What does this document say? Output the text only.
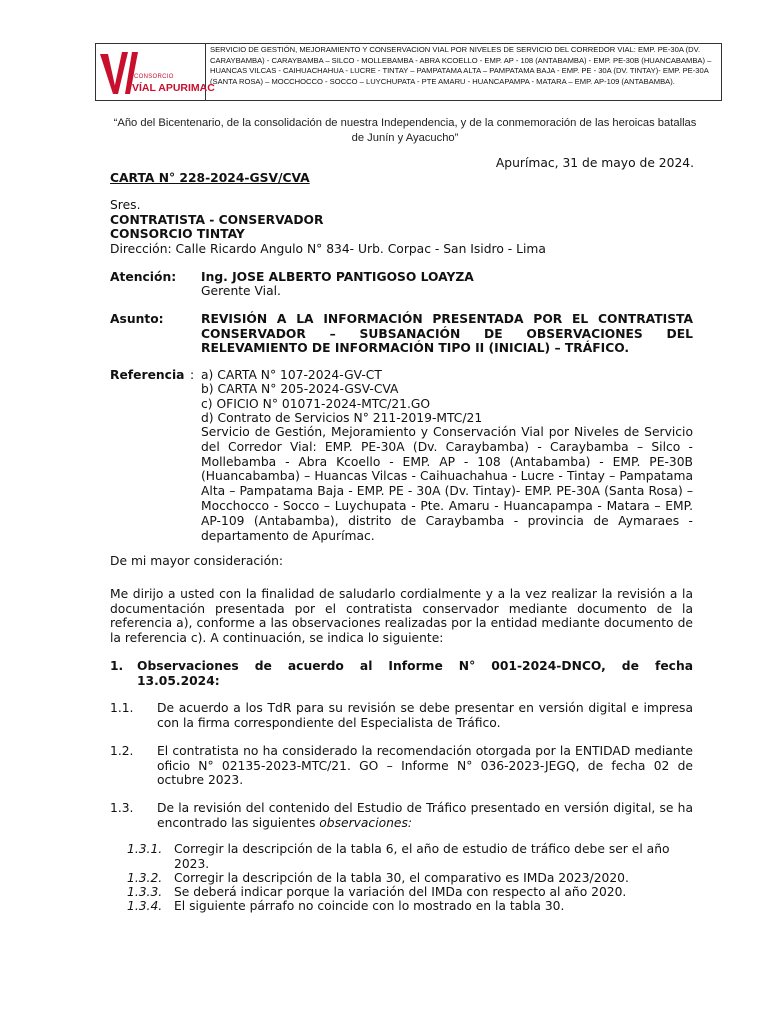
CONSORCIO
VÍAL APURIMAC
SERVICIO DE GESTIÓN, MEJORAMIENTO Y CONSERVACION VIAL POR NIVELES DE SERVICIO DEL CORREDOR VIAL: EMP. PE-30A (DV. CARAYBAMBA) - CARAYBAMBA – SILCO - MOLLEBAMBA - ABRA KCOELLO - EMP. AP - 108 (ANTABAMBA) - EMP. PE-30B (HUANCABAMBA) – HUANCAS VILCAS - CAIHUACHAHUA - LUCRE - TINTAY – PAMPATAMA ALTA – PAMPATAMA BAJA - EMP. PE - 30A (DV. TINTAY)- EMP. PE-30A (SANTA ROSA) – MOCCHOCCO - SOCCO – LUYCHUPATA - PTE AMARU - HUANCAPAMPA - MATARA – EMP. AP-109 (ANTABAMBA).
“Año del Bicentenario, de la consolidación de nuestra Independencia, y de la conmemoración de las heroicas batallas de Junín y Ayacucho”
Apurímac, 31 de mayo de 2024.
CARTA N° 228-2024-GSV/CVA
Sres.
CONTRATISTA - CONSERVADOR
CONSORCIO TINTAY
Dirección: Calle Ricardo Angulo N° 834- Urb. Corpac - San Isidro - Lima
Atención: Ing. JOSE ALBERTO PANTIGOSO LOAYZA
Gerente Vial.
Asunto:	REVISIÓN A LA INFORMACIÓN PRESENTADA POR EL CONTRATISTA
CONSERVADOR – SUBSANACIÓN DE OBSERVACIONES DEL
RELEVAMIENTO DE INFORMACIÓN TIPO II (INICIAL) – TRÁFICO.
Referencia : a) CARTA N° 107-2024-GV-CT
b) CARTA N° 205-2024-GSV-CVA
c) OFICIO N° 01071-2024-MTC/21.GO
d) Contrato de Servicios N° 211-2019-MTC/21

Servicio de Gestión, Mejoramiento y Conservación Vial por Niveles de Servicio del Corredor Vial: EMP. PE-30A (Dv. Caraybamba) - Caraybamba – Silco - Mollebamba - Abra Kcoello - EMP. AP - 108 (Antabamba) - EMP. PE-30B (Huancabamba) – Huancas Vilcas - Caihuachahua - Lucre - Tintay – Pampatama Alta – Pampatama Baja - EMP. PE - 30A (Dv. Tintay)- EMP. PE-30A (Santa Rosa) – Mocchocco - Socco – Luychupata - Pte. Amaru - Huancapampa - Matara – EMP. AP-109 (Antabamba), distrito de Caraybamba - provincia de Aymaraes - departamento de Apurímac.

De mi mayor consideración:

Me dirijo a usted con la finalidad de saludarlo cordialmente y a la vez realizar la revisión a la documentación presentada por el contratista conservador mediante documento de la referencia a), conforme a las observaciones realizadas por la entidad mediante documento de la referencia c). A continuación, se indica lo siguiente:

1. Observaciones de acuerdo al Informe N° 001-2024-DNCO, de fecha
13.05.2024:
1.1. De acuerdo a los TdR para su revisión se debe presentar en versión digital e impresa con la firma correspondiente del Especialista de Tráfico.

1.2. El contratista no ha considerado la recomendación otorgada por la ENTIDAD mediante oficio N° 02135-2023-MTC/21. GO – Informe N° 036-2023-JEGQ, de fecha 02 de octubre 2023.

1.3. De la revisión del contenido del Estudio de Tráfico presentado en versión digital, se ha encontrado las siguientes observaciones:

1.3.1. Corregir la descripción de la tabla 6, el año de estudio de tráfico debe ser el año
2023.
1.3.2. Corregir la descripción de la tabla 30, el comparativo es IMDa 2023/2020.
1.3.3. Se deberá indicar porque la variación del IMDa con respecto al año 2020.
1.3.4. El siguiente párrafo no coincide con lo mostrado en la tabla 30.
